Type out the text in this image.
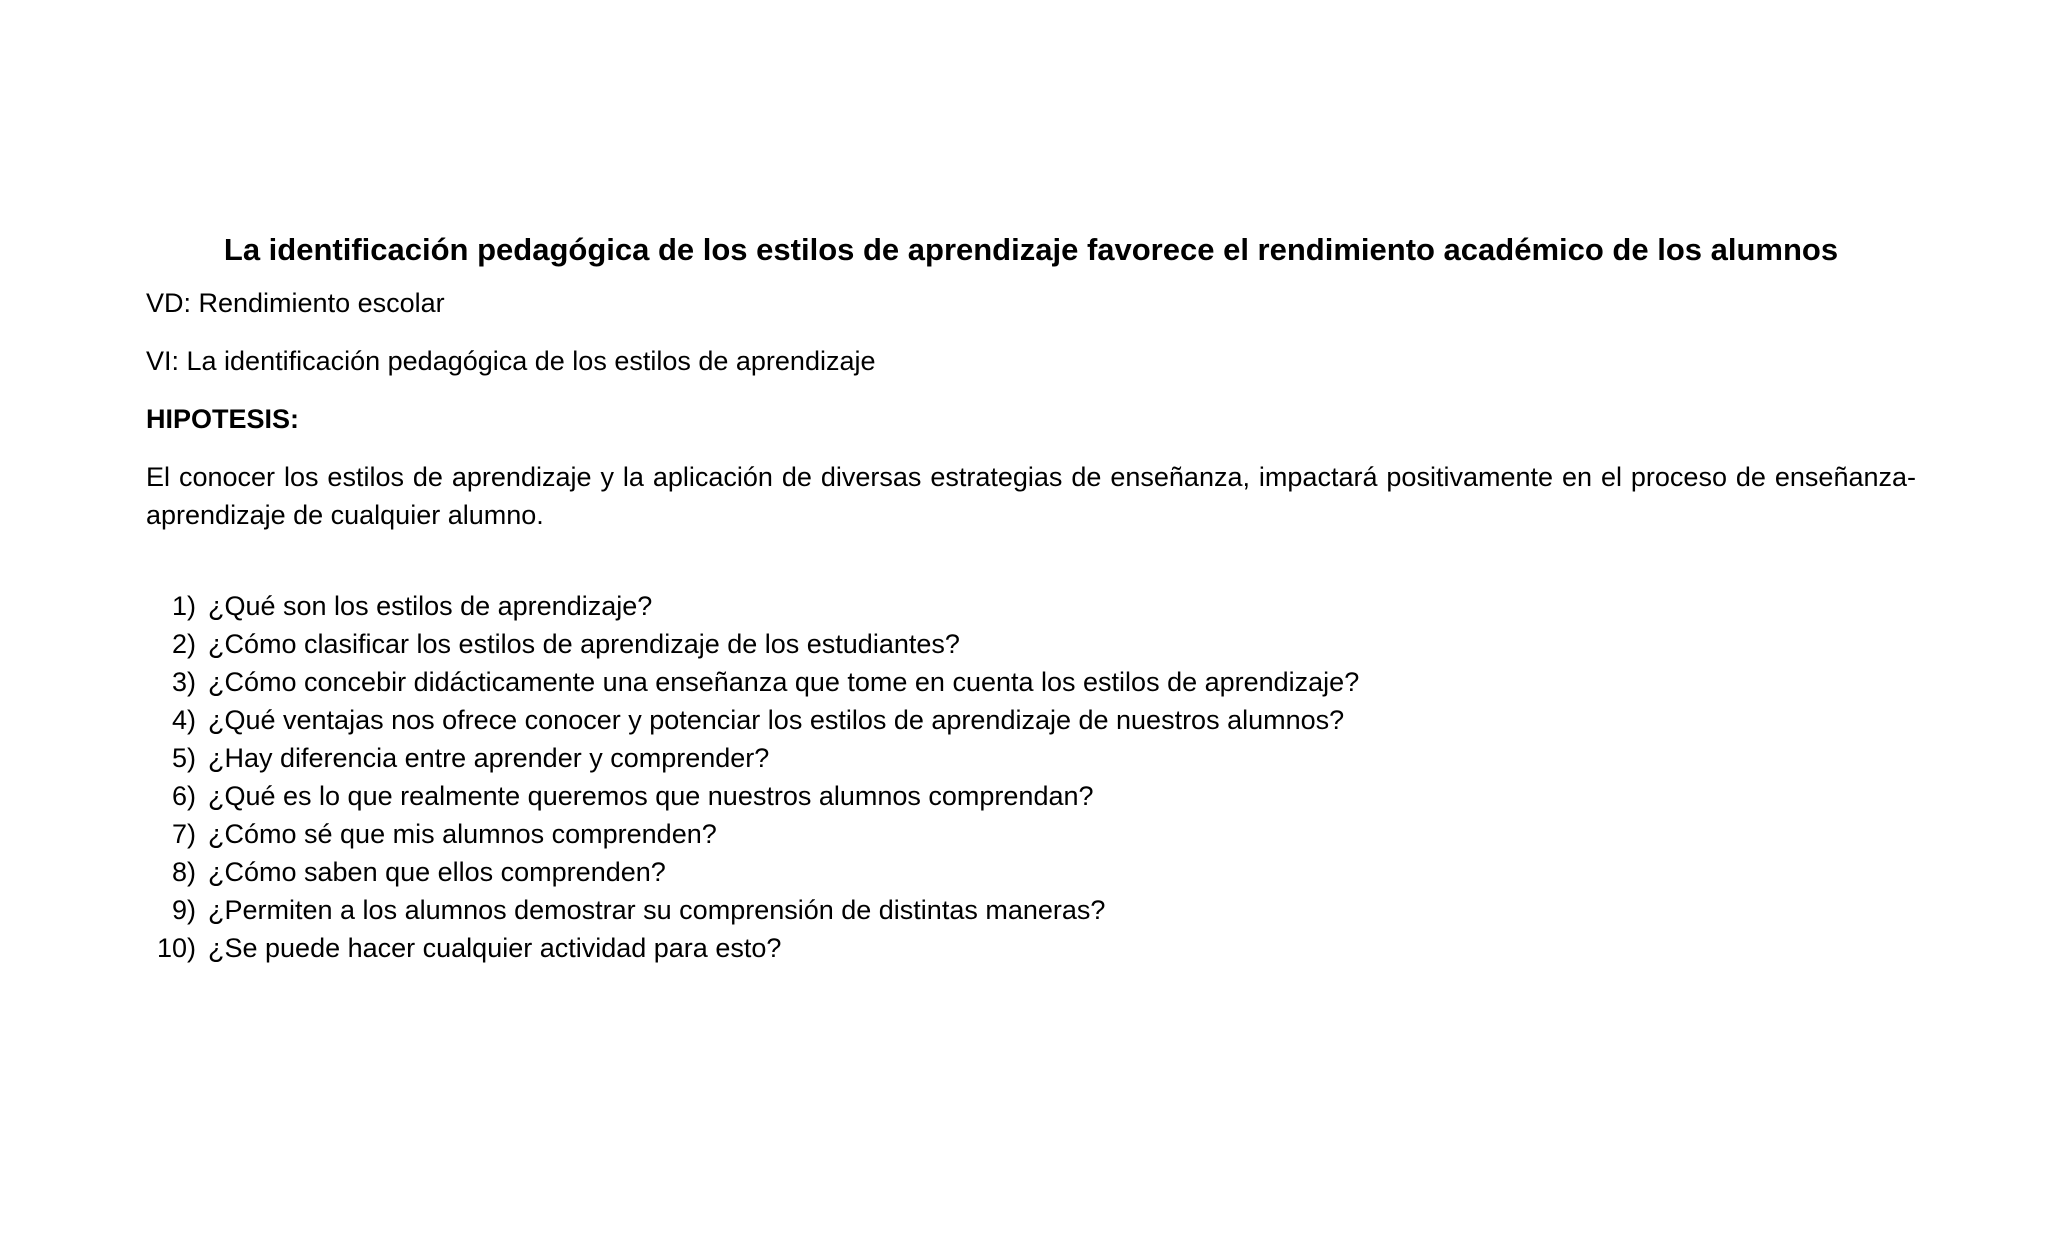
La identificación pedagógica de los estilos de aprendizaje favorece el rendimiento académico de los alumnos

VD: Rendimiento escolar

VI: La identificación pedagógica de los estilos de aprendizaje

HIPOTESIS:

El conocer los estilos de aprendizaje y la aplicación de diversas estrategias de enseñanza, impactará positivamente en el proceso de enseñanza-aprendizaje de cualquier alumno.

1) ¿Qué son los estilos de aprendizaje?
2) ¿Cómo clasificar los estilos de aprendizaje de los estudiantes?
3) ¿Cómo concebir didácticamente una enseñanza que tome en cuenta los estilos de aprendizaje?
4) ¿Qué ventajas nos ofrece conocer y potenciar los estilos de aprendizaje de nuestros alumnos?
5) ¿Hay diferencia entre aprender y comprender?
6) ¿Qué es lo que realmente queremos que nuestros alumnos comprendan?
7) ¿Cómo sé que mis alumnos comprenden?
8) ¿Cómo saben que ellos comprenden?
9) ¿Permiten a los alumnos demostrar su comprensión de distintas maneras?
10) ¿Se puede hacer cualquier actividad para esto?
